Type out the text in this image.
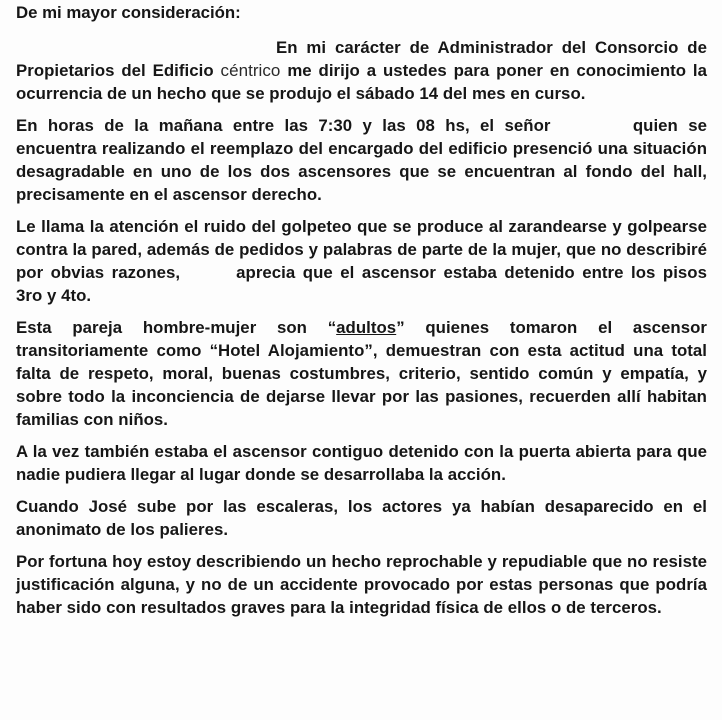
De mi mayor consideración:

En mi carácter de Administrador del Consorcio de Propietarios del Edificio céntrico me dirijo a ustedes para poner en conocimiento la ocurrencia de un hecho que se produjo el sábado 14 del mes en curso.

En horas de la mañana entre las 7:30 y las 08 hs, el señor	quien se encuentra realizando el reemplazo del encargado del edificio presenció una situación desagradable en uno de los dos ascensores que se encuentran al fondo del hall, precisamente en el ascensor derecho.

Le llama la atención el ruido del golpeteo que se produce al zarandearse y golpearse contra la pared, además de pedidos y palabras de parte de la mujer, que no describiré por obvias razones,	aprecia que el ascensor estaba detenido entre los pisos 3ro y 4to.

Esta pareja hombre-mujer son “adultos” quienes tomaron el ascensor transitoriamente como “Hotel Alojamiento”, demuestran con esta actitud una total falta de respeto, moral, buenas costumbres, criterio, sentido común y empatía, y sobre todo la inconciencia de dejarse llevar por las pasiones, recuerden allí habitan familias con niños.

A la vez también estaba el ascensor contiguo detenido con la puerta abierta para que nadie pudiera llegar al lugar donde se desarrollaba la acción.

Cuando José sube por las escaleras, los actores ya habían desaparecido en el anonimato de los palieres.

Por fortuna hoy estoy describiendo un hecho reprochable y repudiable que no resiste justificación alguna, y no de un accidente provocado por estas personas que podría haber sido con resultados graves para la integridad física de ellos o de terceros.
